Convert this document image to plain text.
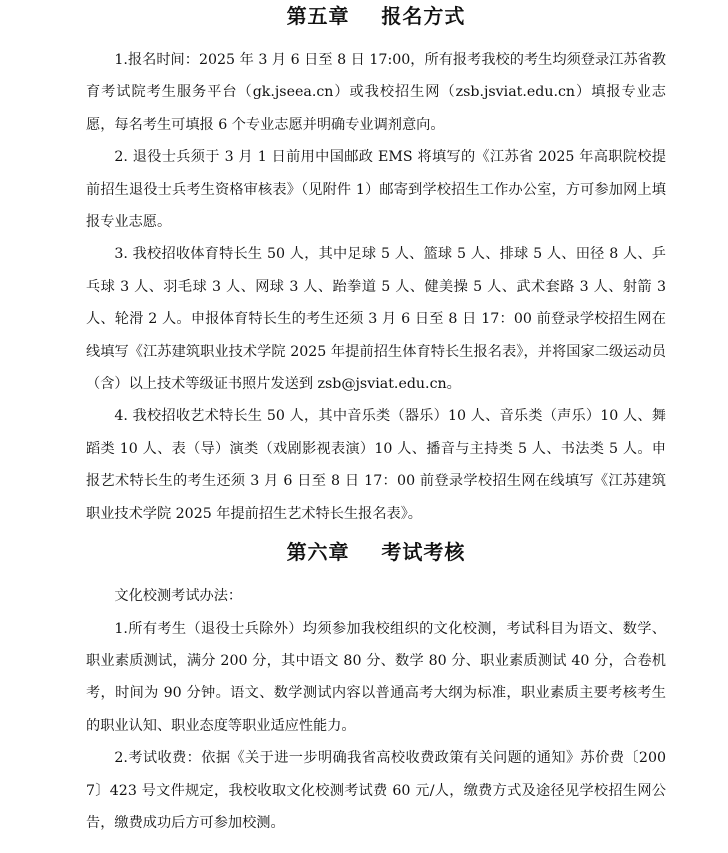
第五章    报名方式

1.报名时间：2025 年 3 月 6 日至 8 日 17:00，所有报考我校的考生均须登录江苏省教育考试院考生服务平台（gk.jseea.cn）或我校招生网（zsb.jsviat.edu.cn）填报专业志愿，每名考生可填报 6 个专业志愿并明确专业调剂意向。

2. 退役士兵须于 3 月 1 日前用中国邮政 EMS 将填写的《江苏省 2025 年高职院校提前招生退役士兵考生资格审核表》（见附件 1）邮寄到学校招生工作办公室，方可参加网上填报专业志愿。

3. 我校招收体育特长生 50 人，其中足球 5 人、篮球 5 人、排球 5 人、田径 8 人、乒乓球 3 人、羽毛球 3 人、网球 3 人、跆拳道 5 人、健美操 5 人、武术套路 3 人、射箭 3 人、轮滑 2 人。申报体育特长生的考生还须 3 月 6 日至 8 日 17：00 前登录学校招生网在线填写《江苏建筑职业技术学院 2025 年提前招生体育特长生报名表》，并将国家二级运动员（含）以上技术等级证书照片发送到 zsb@jsviat.edu.cn。

4. 我校招收艺术特长生 50 人，其中音乐类（器乐）10 人、音乐类（声乐）10 人、舞蹈类 10 人、表（导）演类（戏剧影视表演）10 人、播音与主持类 5 人、书法类 5 人。申报艺术特长生的考生还须 3 月 6 日至 8 日 17：00 前登录学校招生网在线填写《江苏建筑职业技术学院 2025 年提前招生艺术特长生报名表》。

第六章    考试考核

文化校测考试办法：

1.所有考生（退役士兵除外）均须参加我校组织的文化校测，考试科目为语文、数学、职业素质测试，满分 200 分，其中语文 80 分、数学 80 分、职业素质测试 40 分，合卷机考，时间为 90 分钟。语文、数学测试内容以普通高考大纲为标准，职业素质主要考核考生的职业认知、职业态度等职业适应性能力。

2.考试收费：依据《关于进一步明确我省高校收费政策有关问题的通知》苏价费〔2007〕423 号文件规定，我校收取文化校测考试费 60 元/人，缴费方式及途径见学校招生网公告，缴费成功后方可参加校测。
